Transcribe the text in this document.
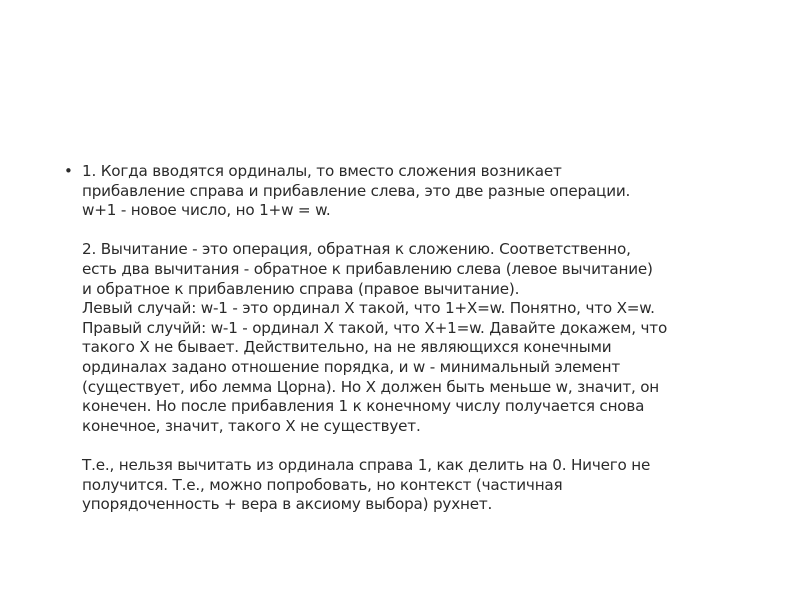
• 1. Когда вводятся ординалы, то вместо сложения возникает
прибавление справа и прибавление слева, это две разные операции.
w+1 - новое число, но 1+w = w.
2. Вычитание - это операция, обратная к сложению. Соответственно,
есть два вычитания - обратное к прибавлению слева (левое вычитание)
и обратное к прибавлению справа (правое вычитание).
Левый случай: w-1 - это ординал X такой, что 1+X=w. Понятно, что X=w.
Правый случйй: w-1 - ординал X такой, что X+1=w. Давайте докажем, что
такого X не бывает. Действительно, на не являющихся конечными
ординалах задано отношение порядка, и w - минимальный элемент
(существует, ибо лемма Цорна). Но X должен быть меньше w, значит, он
конечен. Но после прибавления 1 к конечному числу получается снова
конечное, значит, такого X не существует.
Т.е., нельзя вычитать из ординала справа 1, как делить на 0. Ничего не
получится. Т.е., можно попробовать, но контекст (частичная
упорядоченность + вера в аксиому выбора) рухнет.
